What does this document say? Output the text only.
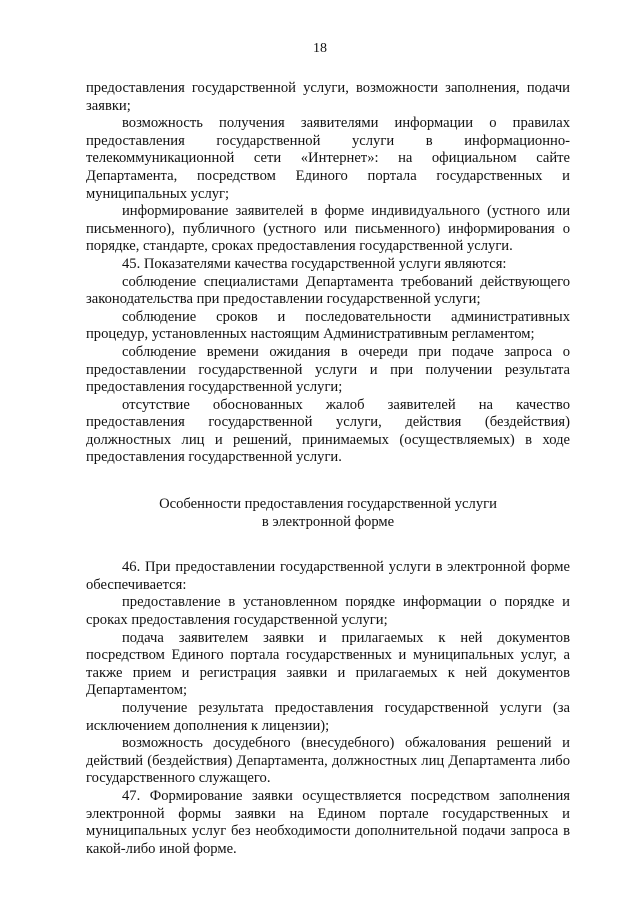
18

предоставления государственной услуги, возможности заполнения, подачи заявки;

возможность получения заявителями информации о правилах предоставления государственной услуги в информационно-телекоммуникационной сети «Интернет»: на официальном сайте Департамента, посредством Единого портала государственных и муниципальных услуг;

информирование заявителей в форме индивидуального (устного или письменного), публичного (устного или письменного) информирования о порядке, стандарте, сроках предоставления государственной услуги.

45. Показателями качества государственной услуги являются:

соблюдение специалистами Департамента требований действующего законодательства при предоставлении государственной услуги;

соблюдение сроков и последовательности административных процедур, установленных настоящим Административным регламентом;

соблюдение времени ожидания в очереди при подаче запроса о предоставлении государственной услуги и при получении результата предоставления государственной услуги;

отсутствие обоснованных жалоб заявителей на качество предоставления государственной услуги, действия (бездействия) должностных лиц и решений, принимаемых (осуществляемых) в ходе предоставления государственной услуги.

Особенности предоставления государственной услуги
в электронной форме

46. При предоставлении государственной услуги в электронной форме обеспечивается:

предоставление в установленном порядке информации о порядке и сроках предоставления государственной услуги;

подача заявителем заявки и прилагаемых к ней документов посредством Единого портала государственных и муниципальных услуг, а также прием и регистрация заявки и прилагаемых к ней документов Департаментом;

получение результата предоставления государственной услуги (за исключением дополнения к лицензии);

возможность досудебного (внесудебного) обжалования решений и действий (бездействия) Департамента, должностных лиц Департамента либо государственного служащего.

47. Формирование заявки осуществляется посредством заполнения электронной формы заявки на Едином портале государственных и муниципальных услуг без необходимости дополнительной подачи запроса в какой-либо иной форме.
